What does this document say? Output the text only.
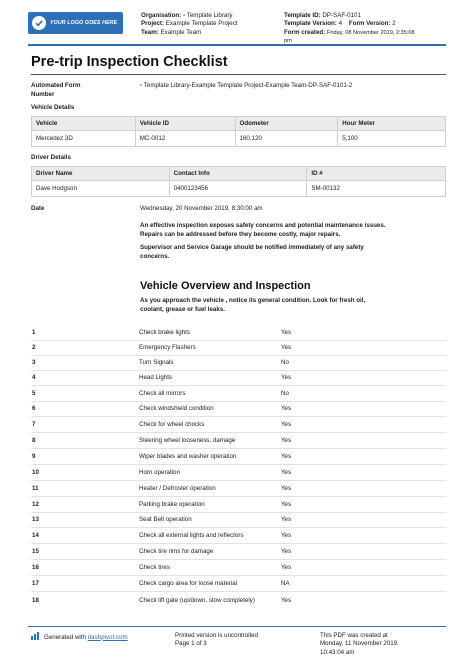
YOUR LOGO GOES HERE
Organisation: ▫ Template Library
Project: Example Template Project
Team: Example Team
Template ID: DP-SAF-0101
Template Version: 4 Form Version: 2
Form created: Friday, 08 November 2019, 2:35:08
pm
Pre-trip Inspection Checklist
Automated Form
Number
▫ Template Library-Example Template Project-Example Team-DP-SAF-0101-2
Vehicle Details
Vehicle	Vehicle ID	Odometer	Hour Meter
Mercedez 3D	MC-0012	160,120	5,100
Driver Details
Driver Name	Contact Info	ID #
Dave Hodgson	0400123456	SM-00132
Date	Wednesday, 20 November 2019, 8:30:00 am
An effective inspection exposes safety concerns and potential maintenance issues.
Repairs can be addressed before they become costly, major repairs.
Supervisor and Service Garage should be notified immediately of any safety
concerns.
Vehicle Overview and Inspection
As you approach the vehicle , notice its general condition. Look for fresh oil,
coolant, grease or fuel leaks.
1	Check brake lights	Yes
2	Emergency Flashers	Yes
3	Turn Signals	No
4	Head Lights	Yes
5	Check all mirrors	No
6	Check windshield condition	Yes
7	Check for wheel chocks	Yes
8	Steering wheel looseness, damage	Yes
9	Wiper blades and washer operation	Yes
10	Horn operation	Yes
11	Heater / Defroster operation	Yes
12	Parking brake operation	Yes
13	Seat Belt operation	Yes
14	Check all external lights and reflectors	Yes
15	Check tire rims for damage	Yes
16	Check tires	Yes
17	Check cargo area for loose material	NA
18	Check lift gate (up/down, stow completely)	Yes
Generated with
dashpivot.com	Printed version is uncontrolled
Page 1 of 3
This PDF was created at
Monday, 11 November 2019,
10:43:04 am
